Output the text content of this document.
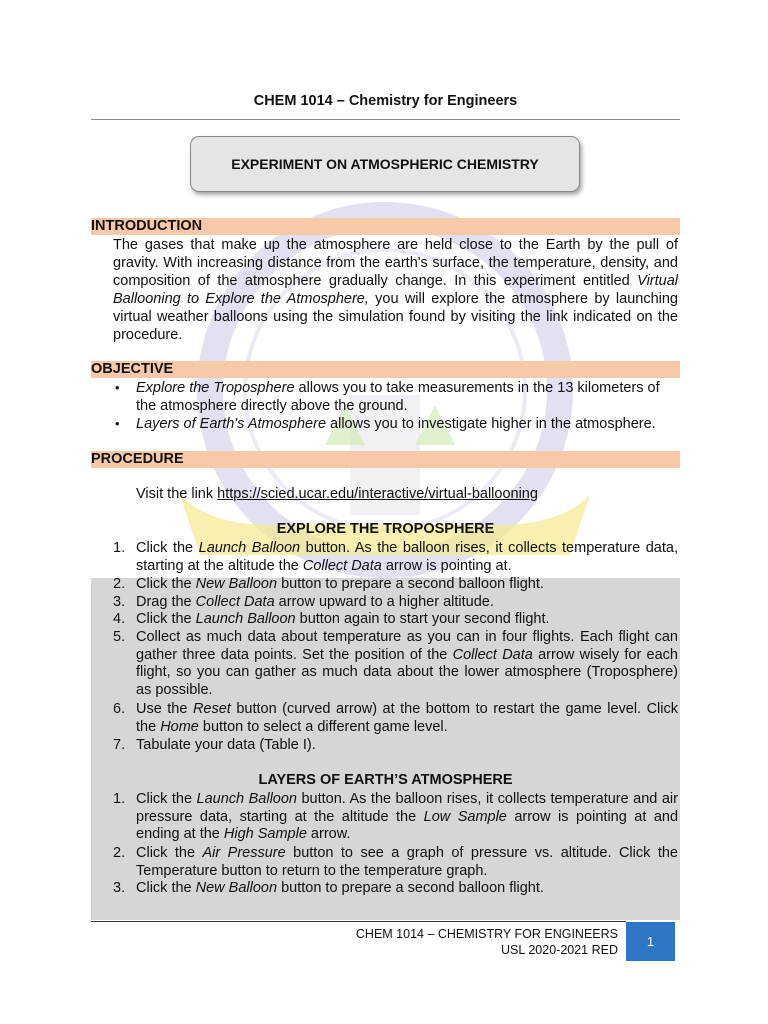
CHEM 1014 – Chemistry for Engineers
EXPERIMENT ON ATMOSPHERIC CHEMISTRY
INTRODUCTION
The gases that make up the atmosphere are held close to the Earth by the pull of gravity. With increasing distance from the earth's surface, the temperature, density, and composition of the atmosphere gradually change. In this experiment entitled Virtual Ballooning to Explore the Atmosphere, you will explore the atmosphere by launching virtual weather balloons using the simulation found by visiting the link indicated on the procedure.
OBJECTIVE
• Explore the Troposphere allows you to take measurements in the 13 kilometers of the atmosphere directly above the ground.
• Layers of Earth's Atmosphere allows you to investigate higher in the atmosphere.
PROCEDURE
Visit the link https://scied.ucar.edu/interactive/virtual-ballooning
EXPLORE THE TROPOSPHERE
1. Click the Launch Balloon button. As the balloon rises, it collects temperature data, starting at the altitude the Collect Data arrow is pointing at.
2. Click the New Balloon button to prepare a second balloon flight.
3. Drag the Collect Data arrow upward to a higher altitude.
4. Click the Launch Balloon button again to start your second flight.
5. Collect as much data about temperature as you can in four flights. Each flight can gather three data points. Set the position of the Collect Data arrow wisely for each flight, so you can gather as much data about the lower atmosphere (Troposphere) as possible.
6. Use the Reset button (curved arrow) at the bottom to restart the game level. Click the Home button to select a different game level.
7. Tabulate your data (Table I).
LAYERS OF EARTH’S ATMOSPHERE
1. Click the Launch Balloon button. As the balloon rises, it collects temperature and air pressure data, starting at the altitude the Low Sample arrow is pointing at and ending at the High Sample arrow.
2. Click the Air Pressure button to see a graph of pressure vs. altitude. Click the Temperature button to return to the temperature graph.
3. Click the New Balloon button to prepare a second balloon flight.
CHEM 1014 – CHEMISTRY FOR ENGINEERS
USL 2020-2021 RED
1
